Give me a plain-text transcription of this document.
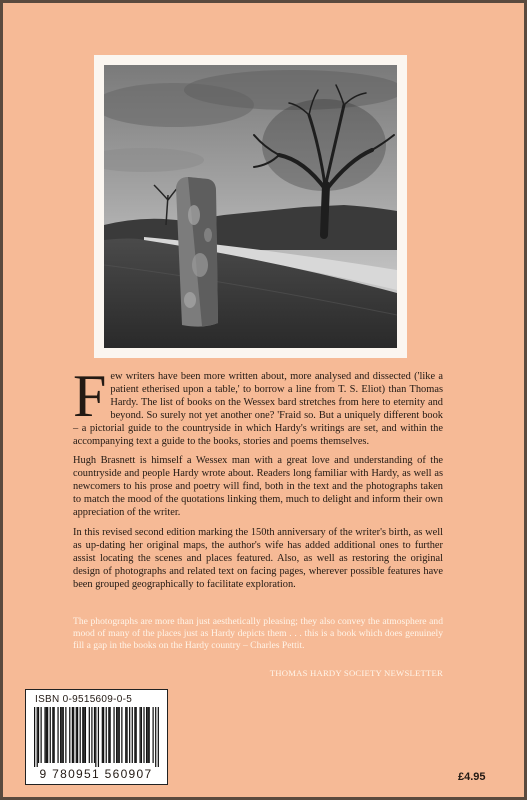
Few writers have been more written about, more analysed and dissected ('like a patient etherised upon a table,' to borrow a line from T. S. Eliot) than Thomas Hardy. The list of books on the Wessex bard stretches from here to eternity and beyond. So surely not yet another one? 'Fraid so. But a uniquely different book – a pictorial guide to the countryside in which Hardy's writings are set, and within the accompanying text a guide to the books, stories and poems themselves.

Hugh Brasnett is himself a Wessex man with a great love and understanding of the countryside and people Hardy wrote about. Readers long familiar with Hardy, as well as newcomers to his prose and poetry will find, both in the text and the photographs taken to match the mood of the quotations linking them, much to delight and inform their own appreciation of the writer.

In this revised second edition marking the 150th anniversary of the writer's birth, as well as up-dating her original maps, the author's wife has added additional ones to further assist locating the scenes and places featured. Also, as well as restoring the original design of photographs and related text on facing pages, wherever possible features have been grouped geographically to facilitate exploration.

The photographs are more than just aesthetically pleasing; they also convey the atmosphere and mood of many of the places just as Hardy depicts them . . . this is a book which does genuinely fill a gap in the books on the Hardy country – Charles Pettit.

THOMAS HARDY SOCIETY NEWSLETTER
ISBN 0-9515609-0-5
9 780951 560907	£4.95
